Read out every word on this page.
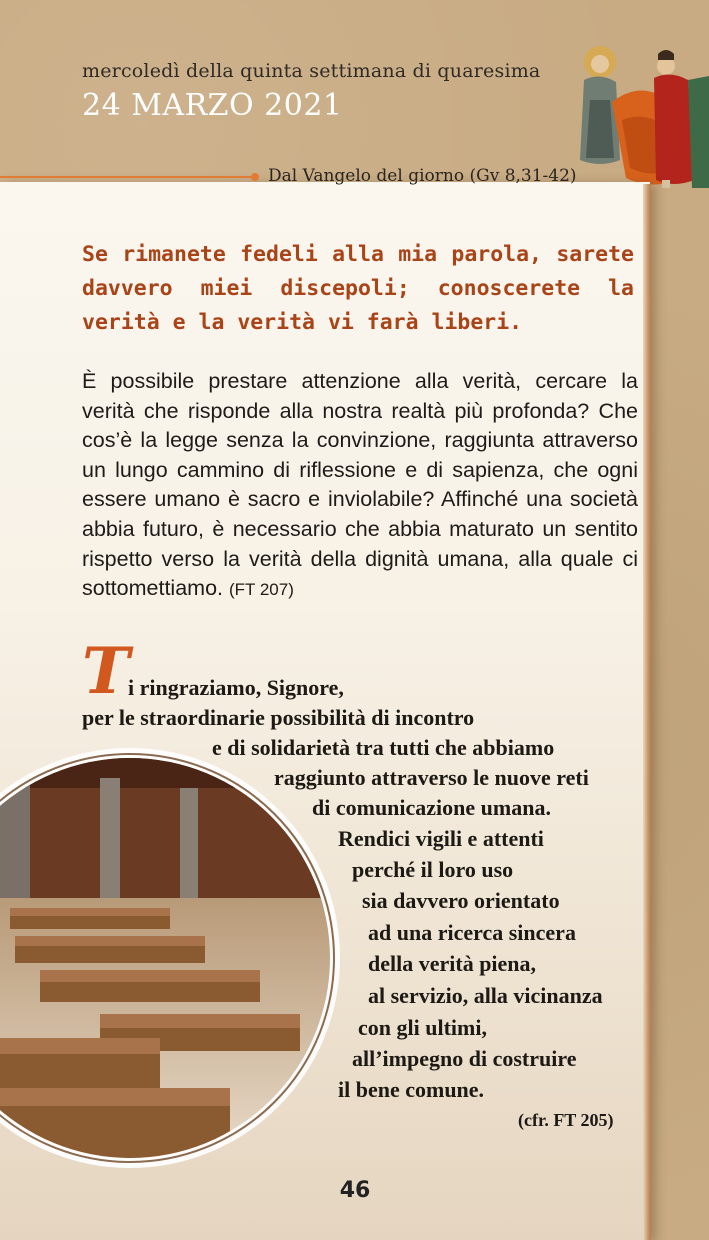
mercoledì della quinta settimana di quaresima
24 MARZO 2021
Dal Vangelo del giorno (Gv 8,31-42)
Se rimanete fedeli alla mia parola, sarete davvero miei discepoli; conoscerete la verità e la verità vi farà liberi.
È possibile prestare attenzione alla verità, cercare la verità che risponde alla nostra realtà più profonda? Che cos’è la legge senza la convinzione, raggiunta attraverso un lungo cammino di riflessione e di sapienza, che ogni essere umano è sacro e inviolabile? Affinché una società abbia futuro, è necessario che abbia maturato un sentito rispetto verso la verità della dignità umana, alla quale ci sottomettiamo. (FT 207)
T
i ringraziamo, Signore,
per le straordinarie possibilità di incontro
e di solidarietà tra tutti che abbiamo
raggiunto attraverso le nuove reti
di comunicazione umana.
Rendici vigili e attenti
perché il loro uso
sia davvero orientato
ad una ricerca sincera
della verità piena,
al servizio, alla vicinanza
con gli ultimi,
all’impegno di costruire
il bene comune.
(cfr. FT 205)
46
